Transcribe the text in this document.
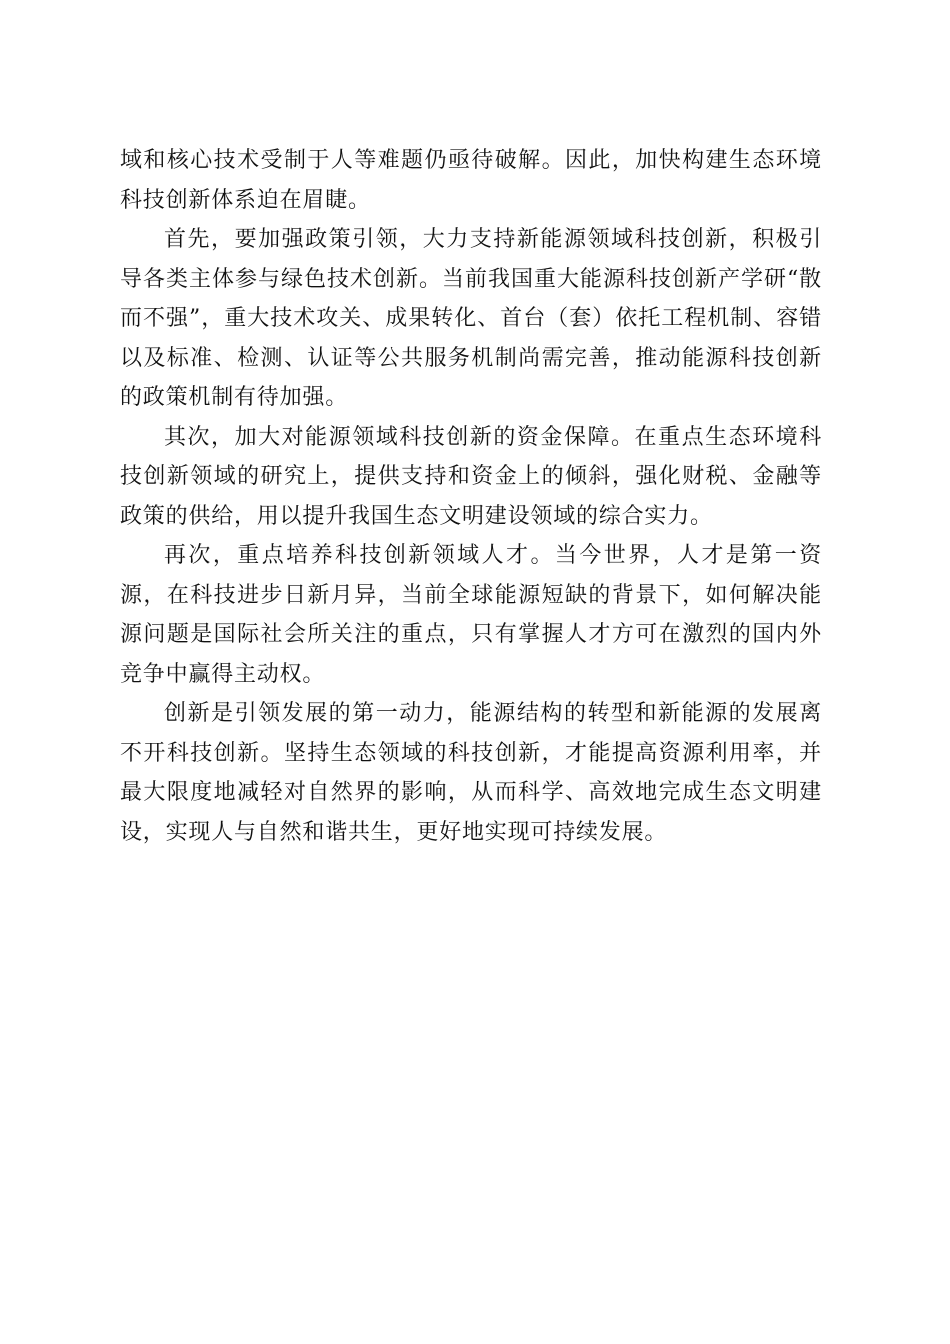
域和核心技术受制于人等难题仍亟待破解。因此，加快构建生态环境科技创新体系迫在眉睫。

首先，要加强政策引领，大力支持新能源领域科技创新，积极引导各类主体参与绿色技术创新。当前我国重大能源科技创新产学研“散而不强”，重大技术攻关、成果转化、首台（套）依托工程机制、容错以及标准、检测、认证等公共服务机制尚需完善，推动能源科技创新的政策机制有待加强。

其次，加大对能源领域科技创新的资金保障。在重点生态环境科技创新领域的研究上，提供支持和资金上的倾斜，强化财税、金融等政策的供给，用以提升我国生态文明建设领域的综合实力。

再次，重点培养科技创新领域人才。当今世界，人才是第一资源，在科技进步日新月异，当前全球能源短缺的背景下，如何解决能源问题是国际社会所关注的重点，只有掌握人才方可在激烈的国内外竞争中赢得主动权。

创新是引领发展的第一动力，能源结构的转型和新能源的发展离不开科技创新。坚持生态领域的科技创新，才能提高资源利用率，并最大限度地减轻对自然界的影响，从而科学、高效地完成生态文明建设，实现人与自然和谐共生，更好地实现可持续发展。
